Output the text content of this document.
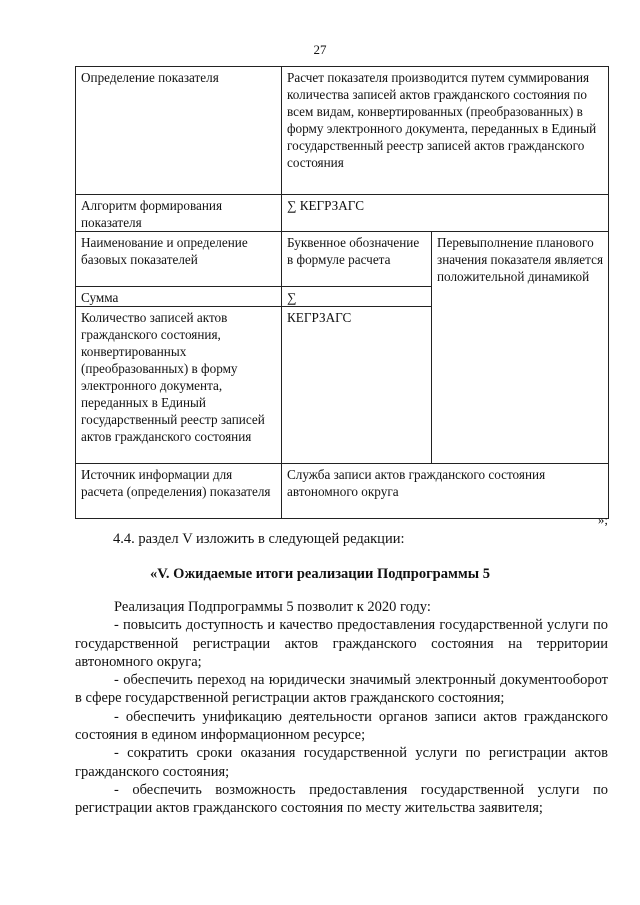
27
Определение показателя	Расчет показателя производится путем суммирования количества записей актов гражданского состояния по всем видам, конвертированных (преобразованных) в форму электронного документа, переданных в Единый государственный реестр записей актов гражданского состояния	
Алгоритм формирования показателя	∑ КЕГРЗАГС	
Наименование и определение базовых показателей	Буквенное обозначение в формуле расчета	Перевыполнение планового значения показателя является положительной динамикой
Сумма	∑	
Количество записей актов гражданского состояния, конвертированных (преобразованных) в форму электронного документа, переданных в Единый государственный реестр записей актов гражданского состояния	КЕГРЗАГС	
Источник информации для расчета (определения) показателя	Служба записи актов гражданского состояния автономного округа	
»;
4.4. раздел V изложить в следующей редакции:
«V. Ожидаемые итоги реализации Подпрограммы 5

Реализация Подпрограммы 5 позволит к 2020 году:

- повысить доступность и качество предоставления государственной услуги по государственной регистрации актов гражданского состояния на территории автономного округа;

- обеспечить переход на юридически значимый электронный документооборот в сфере государственной регистрации актов гражданского состояния;

- обеспечить унификацию деятельности органов записи актов гражданского состояния в едином информационном ресурсе;

- сократить сроки оказания государственной услуги по регистрации актов гражданского состояния;

- обеспечить возможность предоставления государственной услуги по регистрации актов гражданского состояния по месту жительства заявителя;
